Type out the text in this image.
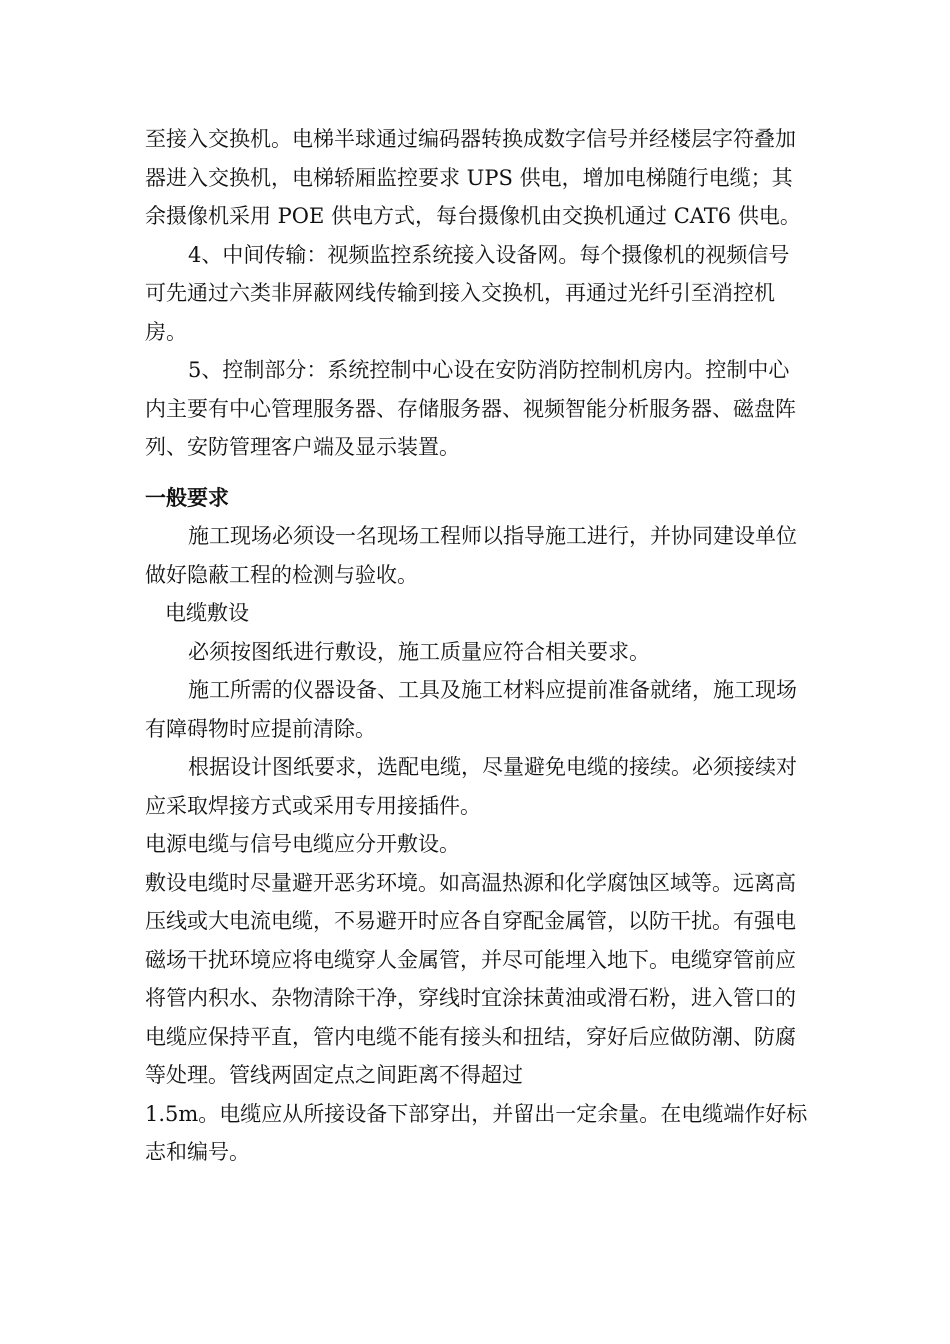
至接入交换机。电梯半球通过编码器转换成数字信号并经楼层字符叠加器进入交换机，电梯轿厢监控要求 UPS 供电，增加电梯随行电缆；其余摄像机采用 POE 供电方式，每台摄像机由交换机通过 CAT6 供电。

4、中间传输：视频监控系统接入设备网。每个摄像机的视频信号可先通过六类非屏蔽网线传输到接入交换机，再通过光纤引至消控机房。

5、控制部分：系统控制中心设在安防消防控制机房内。控制中心内主要有中心管理服务器、存储服务器、视频智能分析服务器、磁盘阵列、安防管理客户端及显示装置。

一般要求

施工现场必须设一名现场工程师以指导施工进行，并协同建设单位做好隐蔽工程的检测与验收。

电缆敷设

必须按图纸进行敷设，施工质量应符合相关要求。

施工所需的仪器设备、工具及施工材料应提前准备就绪，施工现场有障碍物时应提前清除。

根据设计图纸要求，选配电缆，尽量避免电缆的接续。必须接续对应采取焊接方式或采用专用接插件。

电源电缆与信号电缆应分开敷设。

敷设电缆时尽量避开恶劣环境。如高温热源和化学腐蚀区域等。远离高压线或大电流电缆，不易避开时应各自穿配金属管，以防干扰。有强电磁场干扰环境应将电缆穿人金属管，并尽可能埋入地下。电缆穿管前应将管内积水、杂物清除干净，穿线时宜涂抹黄油或滑石粉，进入管口的电缆应保持平直，管内电缆不能有接头和扭结，穿好后应做防潮、防腐等处理。管线两固定点之间距离不得超过

1.5m。电缆应从所接设备下部穿出，并留出一定余量。在电缆端作好标志和编号。
